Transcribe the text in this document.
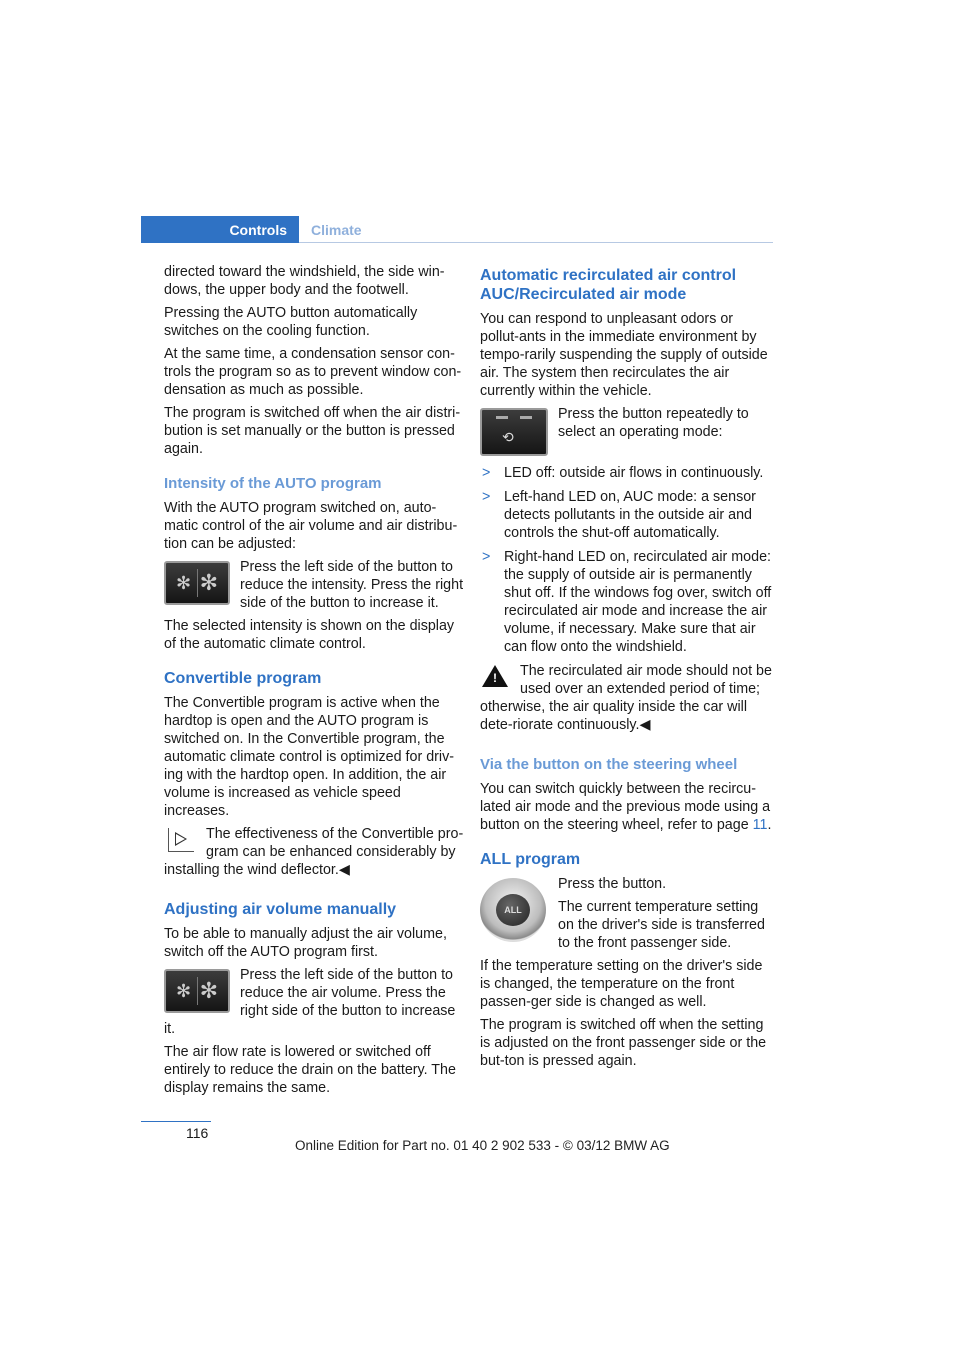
Controls	Climate

directed toward the windshield, the side win-dows, the upper body and the footwell.

Pressing the AUTO button automatically switches on the cooling function.

At the same time, a condensation sensor con-trols the program so as to prevent window con-densation as much as possible.

The program is switched off when the air distri-bution is set manually or the button is pressed again.

Intensity of the AUTO program

With the AUTO program switched on, auto-matic control of the air volume and air distribu-tion can be adjusted:

✻ ✻

Press the left side of the button to reduce the intensity. Press the right side of the button to increase it.

The selected intensity is shown on the display of the automatic climate control.

Convertible program

The Convertible program is active when the hardtop is open and the AUTO program is switched on. In the Convertible program, the automatic climate control is optimized for driv-ing with the hardtop open. In addition, the air volume is increased as vehicle speed increases.

The effectiveness of the Convertible pro-gram can be enhanced considerably by installing the wind deflector.◀

Adjusting air volume manually

To be able to manually adjust the air volume, switch off the AUTO program first.

✻ ✻

Press the left side of the button to reduce the air volume. Press the right side of the button to increase it.

The air flow rate is lowered or switched off entirely to reduce the drain on the battery. The display remains the same.

Automatic recirculated air control AUC/Recirculated air mode

You can respond to unpleasant odors or pollut-ants in the immediate environment by tempo-rarily suspending the supply of outside air. The system then recirculates the air currently within the vehicle.

⟲

Press the button repeatedly to select an operating mode:

> LED off: outside air flows in continuously.
> Left-hand LED on, AUC mode: a sensor detects pollutants in the outside air and controls the shut-off automatically.
> Right-hand LED on, recirculated air mode: the supply of outside air is permanently shut off. If the windows fog over, switch off recirculated air mode and increase the air volume, if necessary. Make sure that air can flow onto the windshield.
!	The recirculated air mode should not be used over an extended period of time; otherwise, the air quality inside the car will dete-riorate continuously.◀

Via the button on the steering wheel

You can switch quickly between the recircu-lated air mode and the previous mode using a button on the steering wheel, refer to page 11.

ALL program
ALL

Press the button.

The current temperature setting on the driver's side is transferred to the front passenger side.

If the temperature setting on the driver's side is changed, the temperature on the front passen-ger side is changed as well.

The program is switched off when the setting is adjusted on the front passenger side or the but-ton is pressed again.

116
Online Edition for Part no. 01 40 2 902 533 - © 03/12 BMW AG
